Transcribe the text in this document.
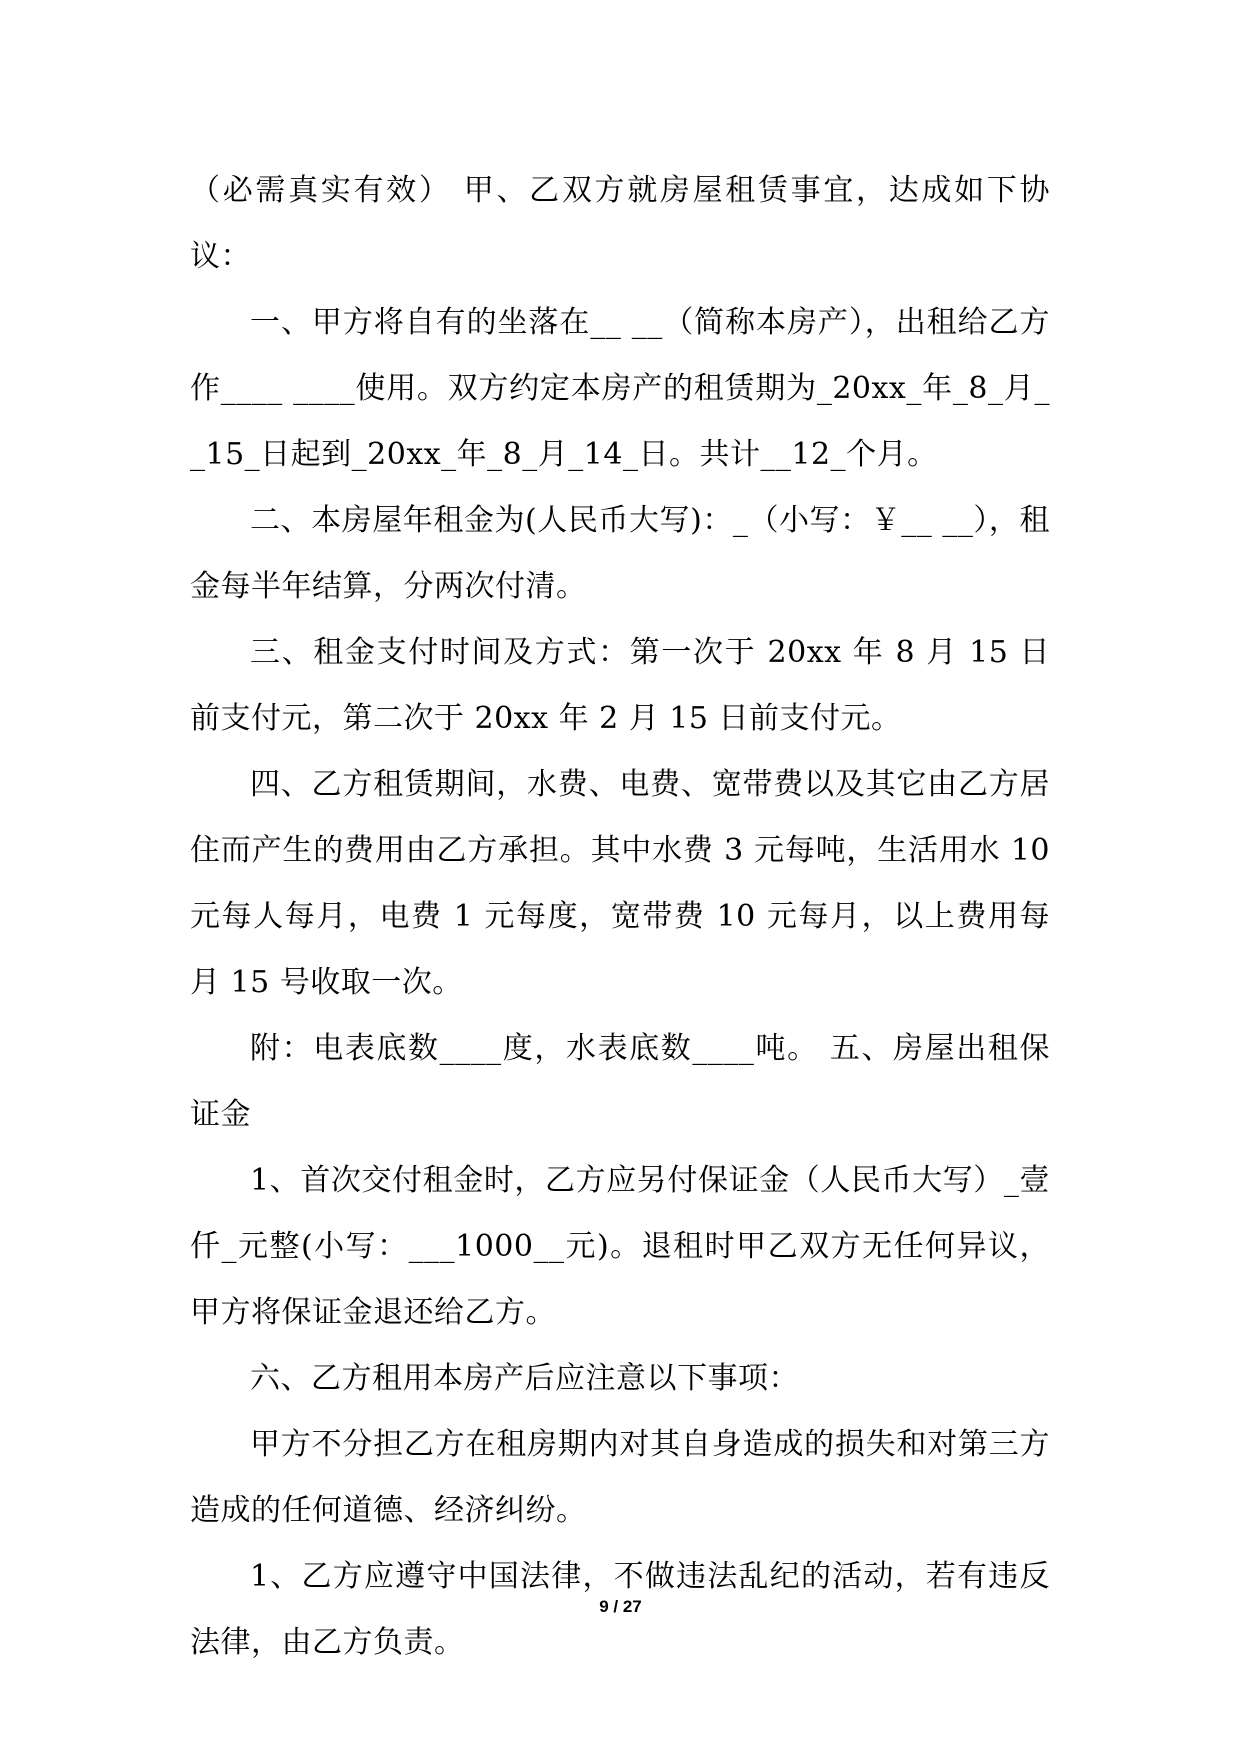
（必需真实有效） 甲、乙双方就房屋租赁事宜，达成如下协议：

一、甲方将自有的坐落在__ __（简称本房产），出租给乙方作____ ____使用。双方约定本房产的租赁期为_20xx_年_8_月__15_日起到_20xx_年_8_月_14_日。共计__12_个月。

二、本房屋年租金为(人民币大写)：_（小写：￥__ __），租金每半年结算，分两次付清。

三、租金支付时间及方式：第一次于 20xx 年 8 月 15 日前支付元，第二次于 20xx 年 2 月 15 日前支付元。

四、乙方租赁期间，水费、电费、宽带费以及其它由乙方居住而产生的费用由乙方承担。其中水费 3 元每吨，生活用水 10 元每人每月，电费 1 元每度，宽带费 10 元每月，以上费用每月 15 号收取一次。

附：电表底数____度，水表底数____吨。 五、房屋出租保证金

1、首次交付租金时，乙方应另付保证金（人民币大写）_壹仟_元整(小写：___1000__元)。退租时甲乙双方无任何异议，甲方将保证金退还给乙方。

六、乙方租用本房产后应注意以下事项：

甲方不分担乙方在租房期内对其自身造成的损失和对第三方造成的任何道德、经济纠纷。

1、乙方应遵守中国法律，不做违法乱纪的活动，若有违反法律，由乙方负责。

9 / 27
